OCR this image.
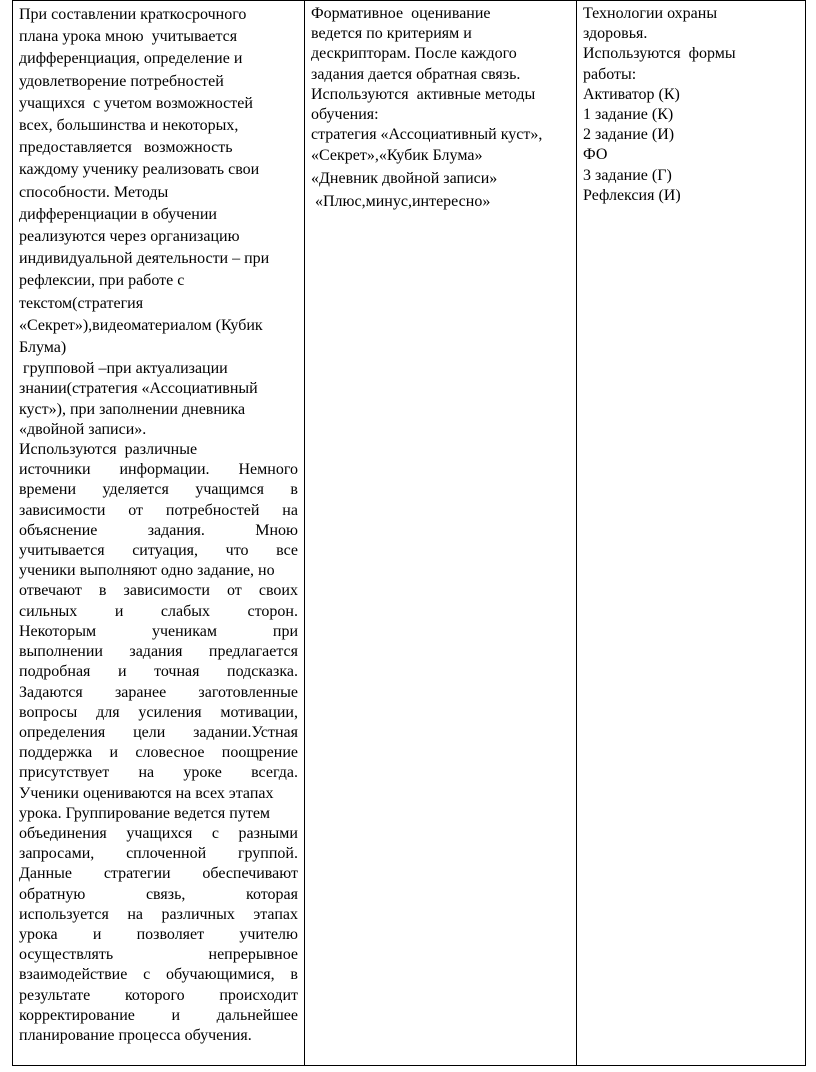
При составлении краткосрочного
плана урока мною  учитывается
дифференциация, определение и
удовлетворение потребностей
учащихся  с учетом возможностей
всех, большинства и некоторых,
предоставляется   возможность
каждому ученику реализовать свои
способности. Методы
дифференциации в обучении
реализуются через организацию
индивидуальной деятельности – при
рефлексии, при работе с
текстом(стратегия
«Секрет»),видеоматериалом (Кубик
Блума)
групповой –при актуализации
знании(стратегия «Ассоциативный
куст»), при заполнении дневника
«двойной записи».
Используются  различные
источники информации. Немного
времени уделяется учащимся в
зависимости от потребностей на
объяснение	задания.	Мною
учитывается ситуация, что все
ученики выполняют одно задание, но
отвечают в зависимости от своих
сильных и слабых сторон.
Некоторым	ученикам	при
выполнении задания предлагается
подробная и точная подсказка.
Задаются заранее заготовленные
вопросы для усиления мотивации,
определения цели задании.Устная
поддержка и словесное поощрение
присутствует на уроке всегда.
Ученики оцениваются на всех этапах
урока. Группирование ведется путем
объединения учащихся с разными
запросами, сплоченной группой.
Данные стратегии обеспечивают
обратную	связь,	которая
используется на различных этапах
урока и позволяет учителю
осуществлять	непрерывное
взаимодействие с обучающимися, в
результате которого происходит
корректирование и дальнейшее
планирование процесса обучения.

Формативное  оценивание
ведется по критериям и
дескрипторам. После каждого
задания дается обратная связь.
Используются  активные методы
обучения:
стратегия «Ассоциативный куст»,
«Секрет»,«Кубик Блума»
«Дневник двойной записи»
«Плюс,минус,интересно»

Технологии охраны
здоровья.
Используются  формы
работы:
Активатор (К)
1 задание (К)
2 задание (И)
ФО
3 задание (Г)
Рефлексия (И)
